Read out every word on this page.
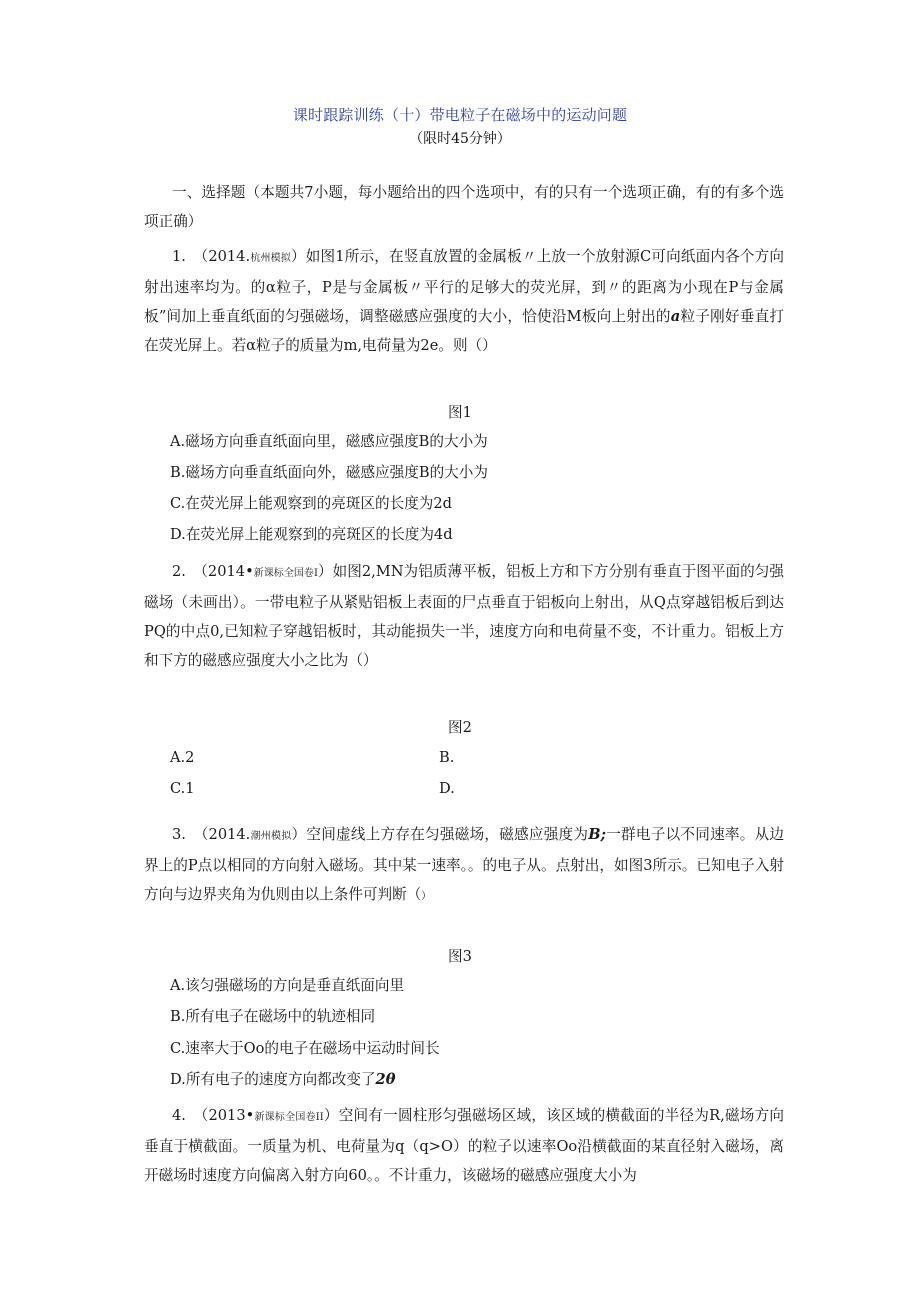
课时跟踪训练（十）带电粒子在磁场中的运动问题
（限时45分钟）
一、选择题（本题共7小题，每小题给出的四个选项中，有的只有一个选项正确，有的有多个选项正确）
1.　（2014.杭州模拟）如图1所示，在竖直放置的金属板〃上放一个放射源C可向纸面内各个方向射出速率均为。的α粒子，P是与金属板〃平行的足够大的荧光屏，到〃的距离为小现在P与金属板”间加上垂直纸面的匀强磁场，调整磁感应强度的大小，恰使沿M板向上射出的a粒子刚好垂直打在荧光屏上。若α粒子的质量为m,电荷量为2e。则（）
图1
A.磁场方向垂直纸面向里，磁感应强度B的大小为
B.磁场方向垂直纸面向外，磁感应强度B的大小为
C.在荧光屏上能观察到的亮斑区的长度为2d
D.在荧光屏上能观察到的亮斑区的长度为4d
2.　（2014•新课标全国卷I）如图2,MN为铝质薄平板，铝板上方和下方分别有垂直于图平面的匀强磁场（未画出）。一带电粒子从紧贴铝板上表面的尸点垂直于铝板向上射出，从Q点穿越铝板后到达PQ的中点0,已知粒子穿越铝板时，其动能损失一半，速度方向和电荷量不变，不计重力。铝板上方和下方的磁感应强度大小之比为（）
图2
A.2	B.
C.1	D.
3.　（2014.潮州模拟）空间虚线上方存在匀强磁场，磁感应强度为B;一群电子以不同速率。从边界上的P点以相同的方向射入磁场。其中某一速率。。的电子从。点射出，如图3所示。已知电子入射方向与边界夹角为仇则由以上条件可判断（）
图3
A.该匀强磁场的方向是垂直纸面向里
B.所有电子在磁场中的轨迹相同
C.速率大于Oo的电子在磁场中运动时间长
D.所有电子的速度方向都改变了2θ
4.　（2013•新课标全国卷II）空间有一圆柱形匀强磁场区域，该区域的横截面的半径为R,磁场方向垂直于横截面。一质量为机、电荷量为q（q>O）的粒子以速率Oo沿横截面的某直径射入磁场，离开磁场时速度方向偏离入射方向60。。不计重力，该磁场的磁感应强度大小为
